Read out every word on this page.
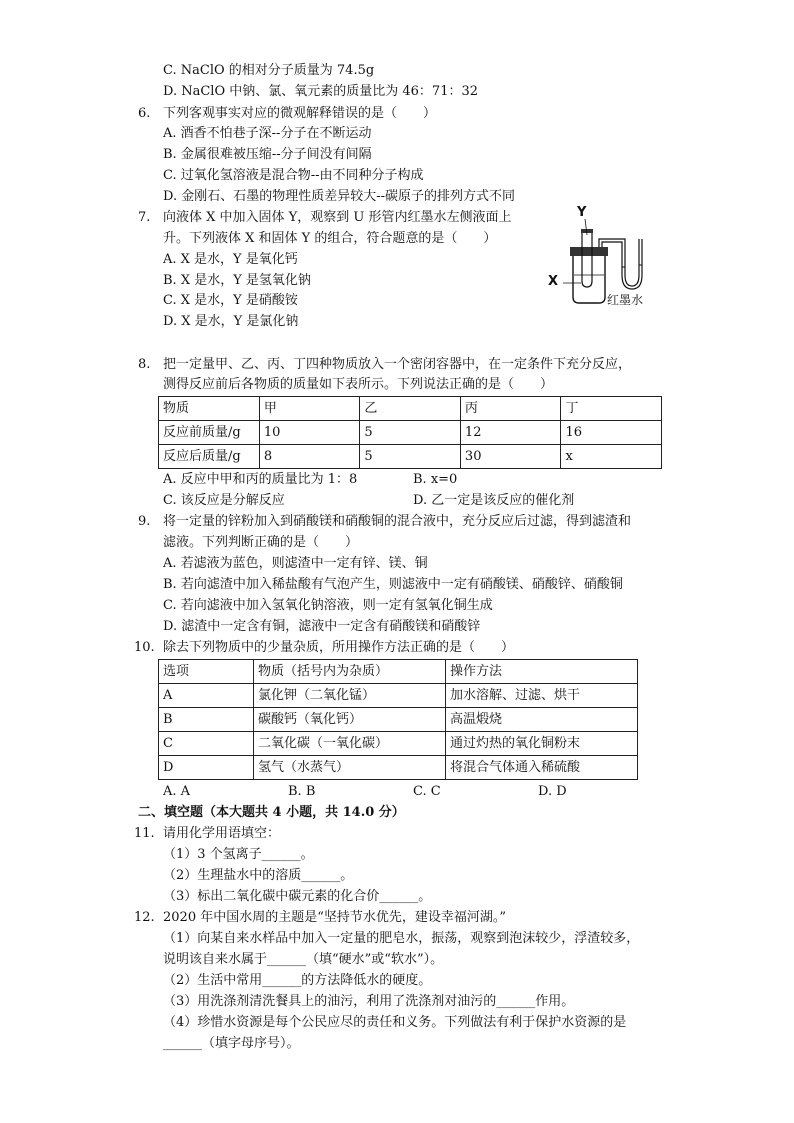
C. NaClO 的相对分子质量为 74.5g
D. NaClO 中钠、氯、氧元素的质量比为 46：71：32
6. 下列客观事实对应的微观解释错误的是（　　）
A. 酒香不怕巷子深--分子在不断运动
B. 金属很难被压缩--分子间没有间隔
C. 过氧化氢溶液是混合物--由不同种分子构成
D. 金刚石、石墨的物理性质差异较大--碳原子的排列方式不同
7. 向液体 X 中加入固体 Y，观察到 U 形管内红墨水左侧液面上
升。下列液体 X 和固体 Y 的组合，符合题意的是（　　）
A. X 是水，Y 是氧化钙
B. X 是水，Y 是氢氧化钠
C. X 是水，Y 是硝酸铵
D. X 是水，Y 是氯化钠
Y
X
红墨水
8. 把一定量甲、乙、丙、丁四种物质放入一个密闭容器中，在一定条件下充分反应，
测得反应前后各物质的质量如下表所示。下列说法正确的是（　　）
物质	甲	乙	丙	丁
反应前质量/g	10	5	12	16
反应后质量/g	8	5	30	x
A. 反应中甲和丙的质量比为 1：8	B. x=0
C. 该反应是分解反应	D. 乙一定是该反应的催化剂
9. 将一定量的锌粉加入到硝酸镁和硝酸铜的混合液中，充分反应后过滤，得到滤渣和
滤液。下列判断正确的是（　　）
A. 若滤液为蓝色，则滤渣中一定有锌、镁、铜
B. 若向滤渣中加入稀盐酸有气泡产生，则滤液中一定有硝酸镁、硝酸锌、硝酸铜
C. 若向滤液中加入氢氧化钠溶液，则一定有氢氧化铜生成
D. 滤渣中一定含有铜，滤液中一定含有硝酸镁和硝酸锌
10. 除去下列物质中的少量杂质，所用操作方法正确的是（　　）
选项	物质（括号内为杂质）	操作方法
A	氯化钾（二氧化锰）	加水溶解、过滤、烘干
B	碳酸钙（氧化钙）	高温煅烧
C	二氧化碳（一氧化碳）	通过灼热的氧化铜粉末
D	氢气（水蒸气）	将混合气体通入稀硫酸
A. A	B. B	C. C	D. D
二、填空题（本大题共 4 小题，共 14.0 分）
11. 请用化学用语填空：
（1）3 个氢离子______。
（2）生理盐水中的溶质______。
（3）标出二氧化碳中碳元素的化合价______。
12. 2020 年中国水周的主题是“坚持节水优先，建设幸福河湖。”
（1）向某自来水样品中加入一定量的肥皂水，振荡，观察到泡沫较少，浮渣较多，
说明该自来水属于______（填“硬水”或“软水”）。
（2）生活中常用______的方法降低水的硬度。
（3）用洗涤剂清洗餐具上的油污，利用了洗涤剂对油污的______作用。
（4）珍惜水资源是每个公民应尽的责任和义务。下列做法有利于保护水资源的是
______（填字母序号）。
